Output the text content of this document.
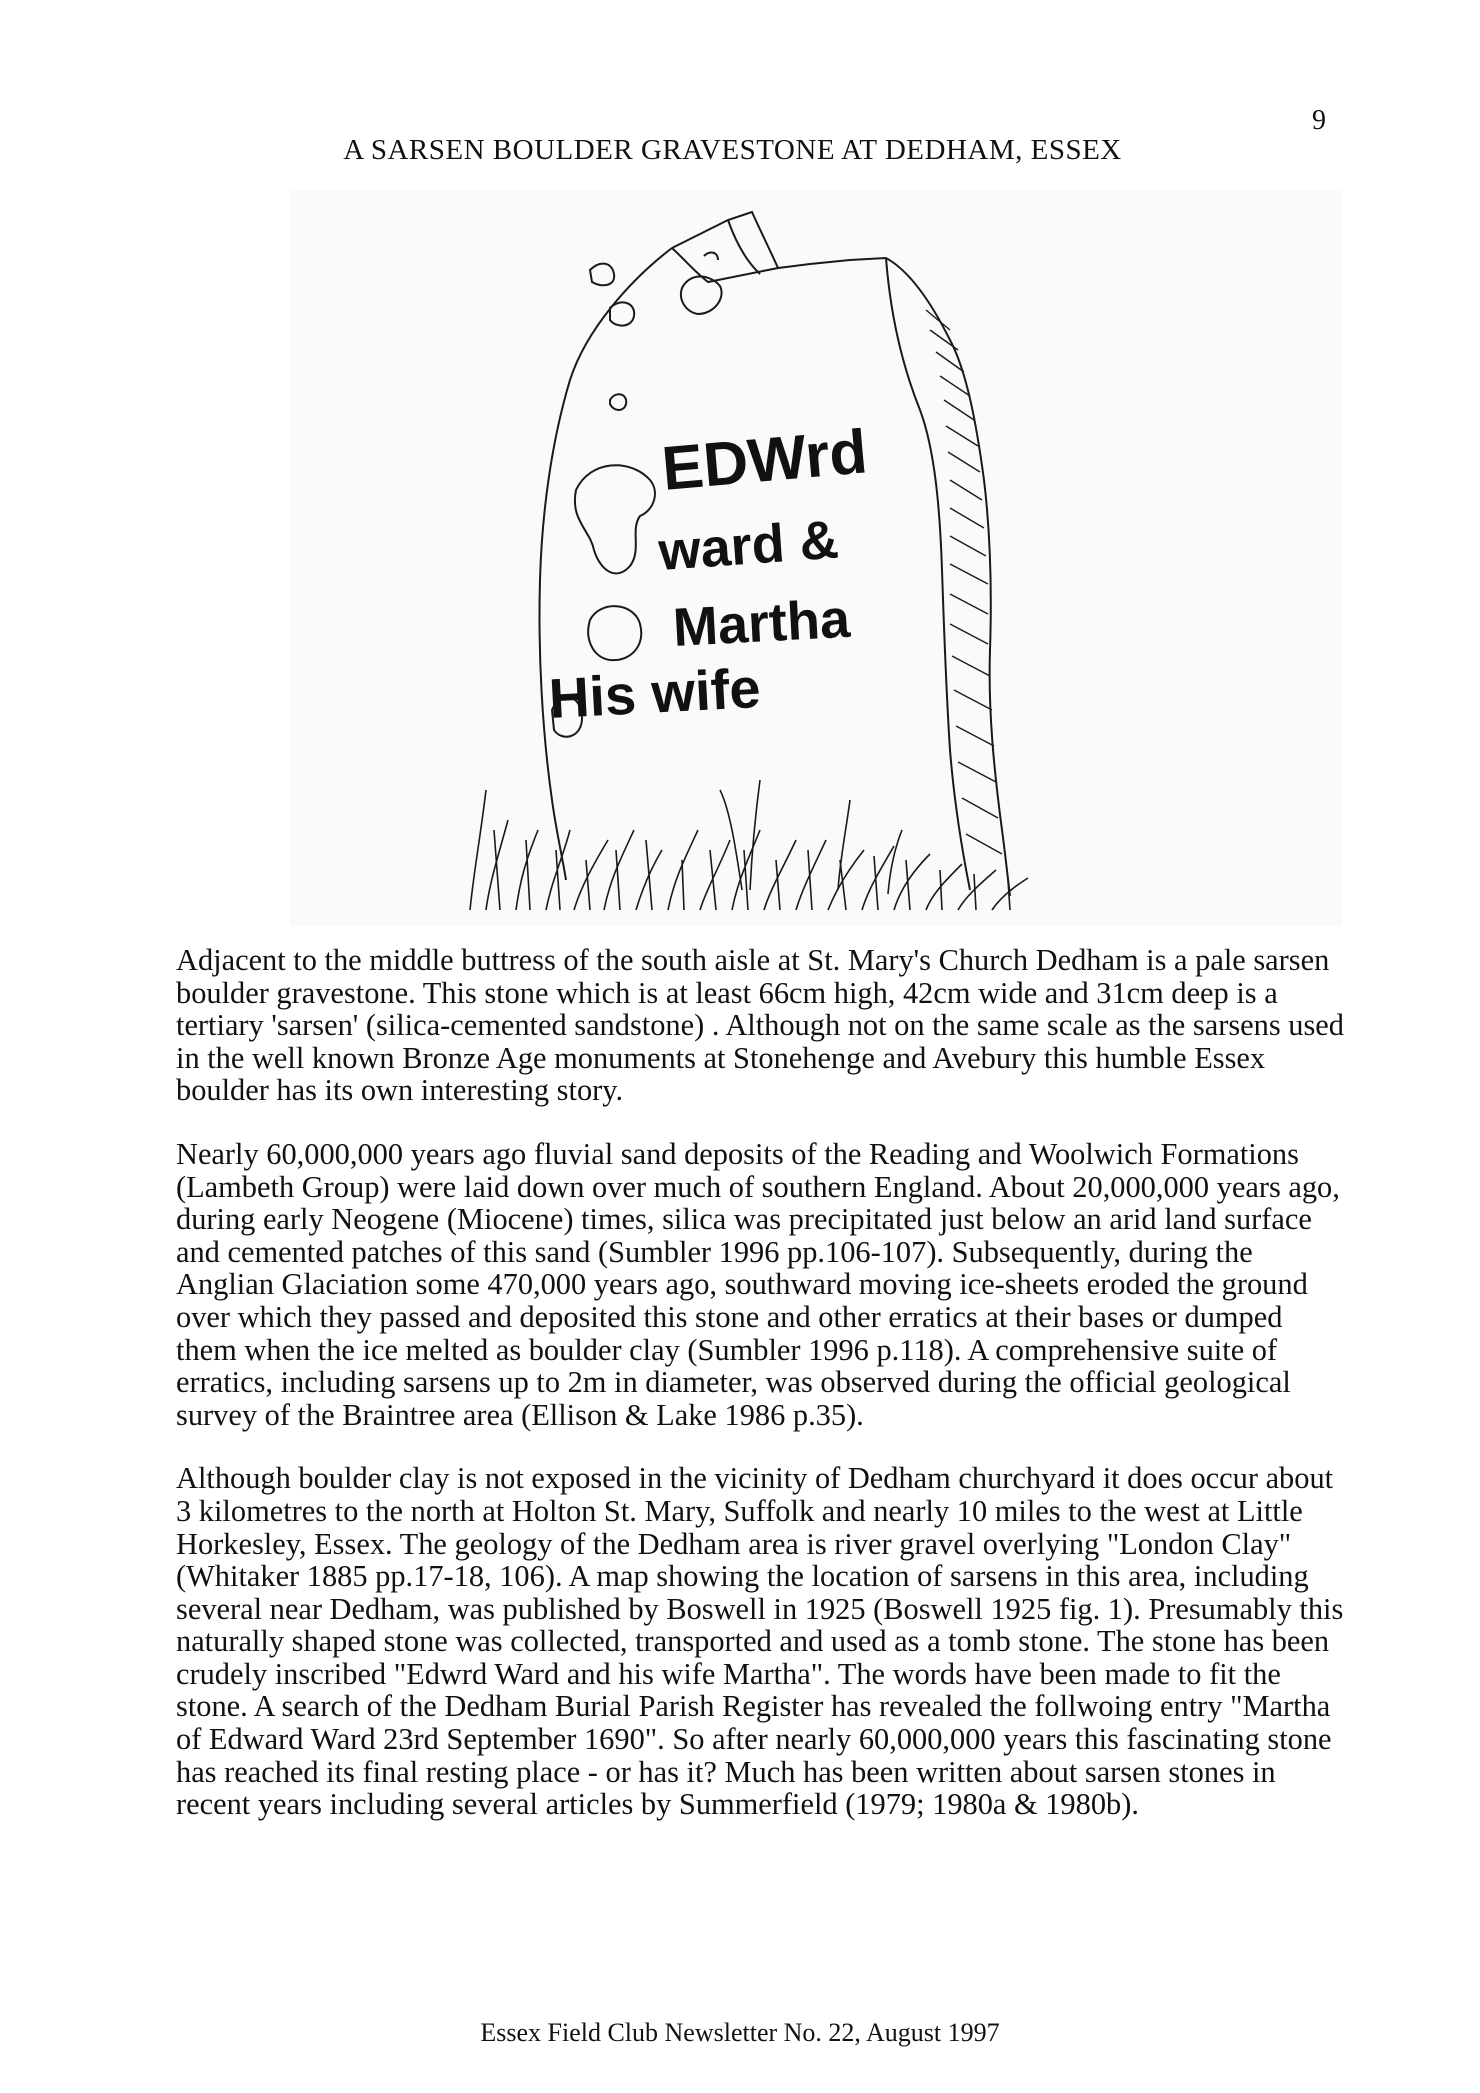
9
A SARSEN BOULDER GRAVESTONE AT DEDHAM, ESSEX
EDWrd
ward &
Martha
His wife

Adjacent to the middle buttress of the south aisle at St. Mary's Church Dedham is a pale sarsen boulder gravestone. This stone which is at least 66cm high, 42cm wide and 31cm deep is a tertiary 'sarsen' (silica-cemented sandstone) . Although not on the same scale as the sarsens used in the well known Bronze Age monuments at Stonehenge and Avebury this humble Essex boulder has its own interesting story.

Nearly 60,000,000 years ago fluvial sand deposits of the Reading and Woolwich Formations (Lambeth Group) were laid down over much of southern England. About 20,000,000 years ago, during early Neogene (Miocene) times, silica was precipitated just below an arid land surface and cemented patches of this sand (Sumbler 1996 pp.106-107). Subsequently, during the Anglian Glaciation some 470,000 years ago, southward moving ice-sheets eroded the ground over which they passed and deposited this stone and other erratics at their bases or dumped them when the ice melted as boulder clay (Sumbler 1996 p.118). A comprehensive suite of erratics, including sarsens up to 2m in diameter, was observed during the official geological survey of the Braintree area (Ellison & Lake 1986 p.35).

Although boulder clay is not exposed in the vicinity of Dedham churchyard it does occur about 3 kilometres to the north at Holton St. Mary, Suffolk and nearly 10 miles to the west at Little Horkesley, Essex. The geology of the Dedham area is river gravel overlying "London Clay" (Whitaker 1885 pp.17-18, 106). A map showing the location of sarsens in this area, including several near Dedham, was published by Boswell in 1925 (Boswell 1925 fig. 1). Presumably this naturally shaped stone was collected, transported and used as a tomb stone. The stone has been crudely inscribed "Edwrd Ward and his wife Martha". The words have been made to fit the stone. A search of the Dedham Burial Parish Register has revealed the follwoing entry "Martha of Edward Ward 23rd September 1690". So after nearly 60,000,000 years this fascinating stone has reached its final resting place - or has it? Much has been written about sarsen stones in recent years including several articles by Summerfield (1979; 1980a & 1980b).

Essex Field Club Newsletter No. 22, August 1997
